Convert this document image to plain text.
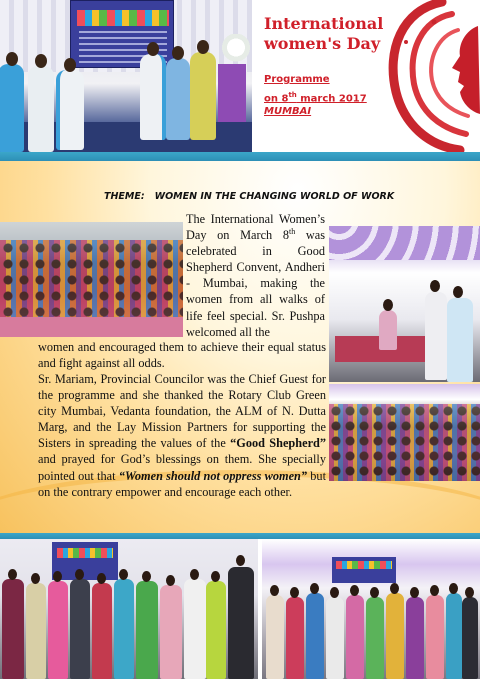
International
women's Day
Programme
on 8th march 2017
MUMBAI
THEME:   WOMEN IN THE CHANGING WORLD OF WORK
The International Women’s Day on March 8th was celebrated in Good Shepherd Convent, Andheri - Mumbai, making the women from all walks of life feel special. Sr. Pushpa welcomed all the
women and encouraged them to achieve their equal status and fight against all odds.
Sr. Mariam, Provincial Councilor was the Chief Guest for the programme and she thanked the Rotary Club Green city Mumbai, Vedanta foundation, the ALM of N. Dutta Marg, and the Lay Mission Partners for supporting the Sisters in spreading the values of the “Good Shepherd” and prayed for God’s blessings on them. She specially pointed out that “Women should not oppress women” but on the contrary empower and encourage each other.
